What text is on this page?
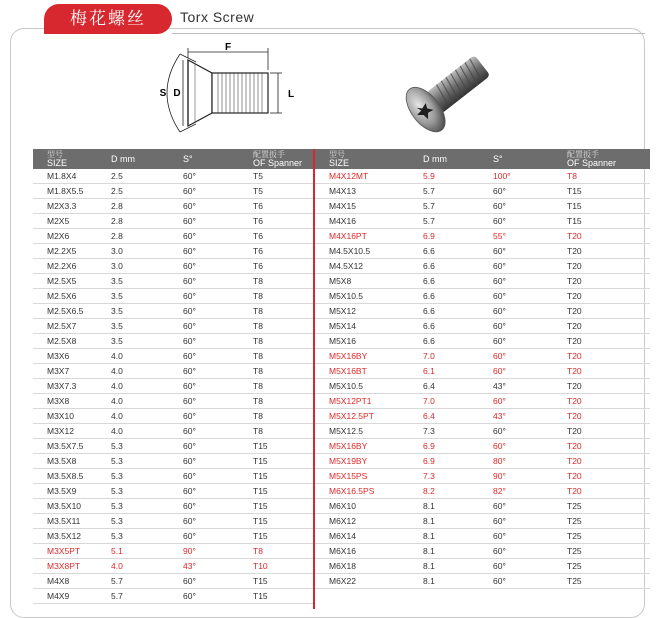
梅花螺丝	Torx Screw
F
L
D
S
型号
SIZE	D mm	S°	配置扳手
OF Spanner
M1.8X4	2.5	60°	T5
M1.8X5.5	2.5	60°	T5
M2X3.3	2.8	60°	T6
M2X5	2.8	60°	T6
M2X6	2.8	60°	T6
M2.2X5	3.0	60°	T6
M2.2X6	3.0	60°	T6
M2.5X5	3.5	60°	T8
M2.5X6	3.5	60°	T8
M2.5X6.5	3.5	60°	T8
M2.5X7	3.5	60°	T8
M2.5X8	3.5	60°	T8
M3X6	4.0	60°	T8
M3X7	4.0	60°	T8
M3X7.3	4.0	60°	T8
M3X8	4.0	60°	T8
M3X10	4.0	60°	T8
M3X12	4.0	60°	T8
M3.5X7.5	5.3	60°	T15
M3.5X8	5.3	60°	T15
M3.5X8.5	5.3	60°	T15
M3.5X9	5.3	60°	T15
M3.5X10	5.3	60°	T15
M3.5X11	5.3	60°	T15
M3.5X12	5.3	60°	T15
M3X5PT	5.1	90°	T8
M3X8PT	4.0	43°	T10
M4X8	5.7	60°	T15
M4X9	5.7	60°	T15
型号
SIZE	D mm	S°	配置扳手
OF Spanner
M4X12MT	5.9	100°	T8
M4X13	5.7	60°	T15
M4X15	5.7	60°	T15
M4X16	5.7	60°	T15
M4X16PT	6.9	55°	T20
M4.5X10.5	6.6	60°	T20
M4.5X12	6.6	60°	T20
M5X8	6.6	60°	T20
M5X10.5	6.6	60°	T20
M5X12	6.6	60°	T20
M5X14	6.6	60°	T20
M5X16	6.6	60°	T20
M5X16BY	7.0	60°	T20
M5X16BT	6.1	60°	T20
M5X10.5	6.4	43°	T20
M5X12PT1	7.0	60°	T20
M5X12.5PT	6.4	43°	T20
M5X12.5	7.3	60°	T20
M5X16BY	6.9	60°	T20
M5X19BY	6.9	80°	T20
M5X15PS	7.3	90°	T20
M6X16.5PS	8.2	82°	T20
M6X10	8.1	60°	T25
M6X12	8.1	60°	T25
M6X14	8.1	60°	T25
M6X16	8.1	60°	T25
M6X18	8.1	60°	T25
M6X22	8.1	60°	T25
